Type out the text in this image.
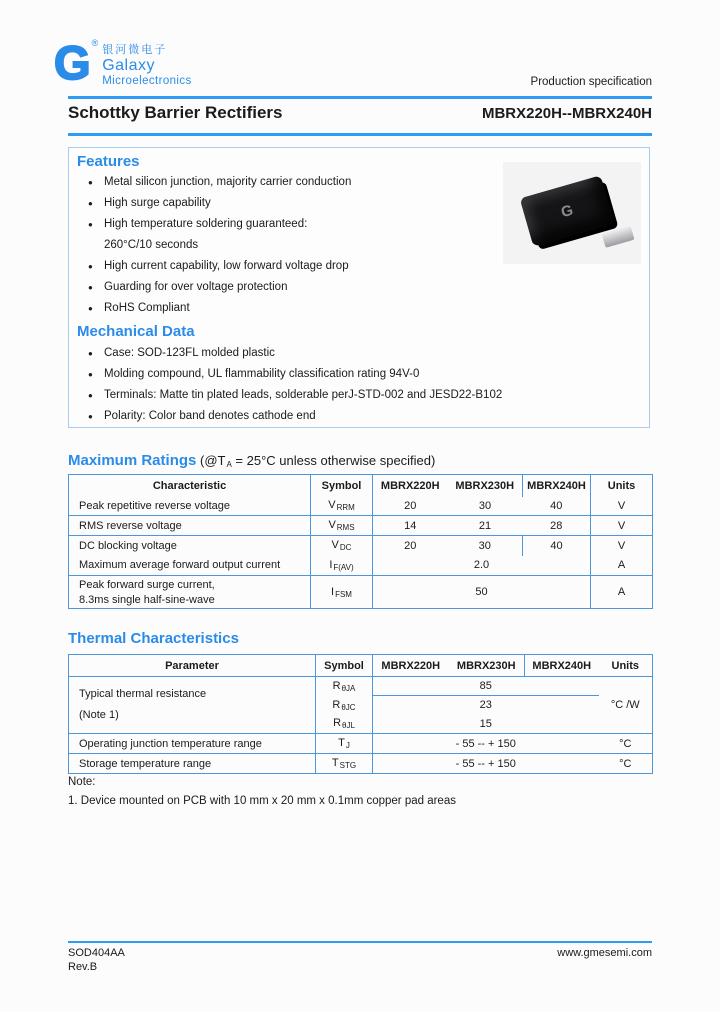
G ®
银河微电子
Galaxy
Microelectronics	Production specification
Schottky Barrier Rectifiers	MBRX220H--MBRX240H
Features
● Metal silicon junction, majority carrier conduction
● High surge capability
● High temperature soldering guaranteed:
260°C/10 seconds
● High current capability, low forward voltage drop
● Guarding for over voltage protection
● RoHS Compliant
Mechanical Data
● Case: SOD-123FL molded plastic
● Molding compound, UL flammability classification rating 94V-0
● Terminals: Matte tin plated leads, solderable perJ-STD-002 and JESD22-B102
● Polarity: Color band denotes cathode end
G
Maximum Ratings ($@T_A = 25^\circ C$ unless otherwise specified)
Characteristic	Symbol	MBRX220H	MBRX230H	MBRX240H	Units
Peak repetitive reverse voltage	$V_{RRM}$	20	30	40	V
RMS reverse voltage	$V_{RMS}$	14	21	28	V
DC blocking voltage	$V_{DC}$	20	30	40	V
Maximum average forward output current	$I_{F(AV)}$	2.0			A

Peak forward surge current,
8.3ms single half-sine-wave	$I_{FSM}$	50			A
Thermal Characteristics
Parameter	Symbol	MBRX220H	MBRX230H	MBRX240H	Units

Typical thermal resistance
(Note 1)	$R_{\theta JA}$	85			°C /W
	$R_{\theta JC}$	23			
	$R_{\theta JL}$	15			
Operating junction temperature range	$T_J$	- 55 -- + 150			°C
Storage temperature range	$T_{STG}$	- 55 -- + 150			°C
Note:
1. Device mounted on PCB with 10 mm x 20 mm x 0.1mm copper pad areas
SOD404AA
Rev.B
www.gmesemi.com
